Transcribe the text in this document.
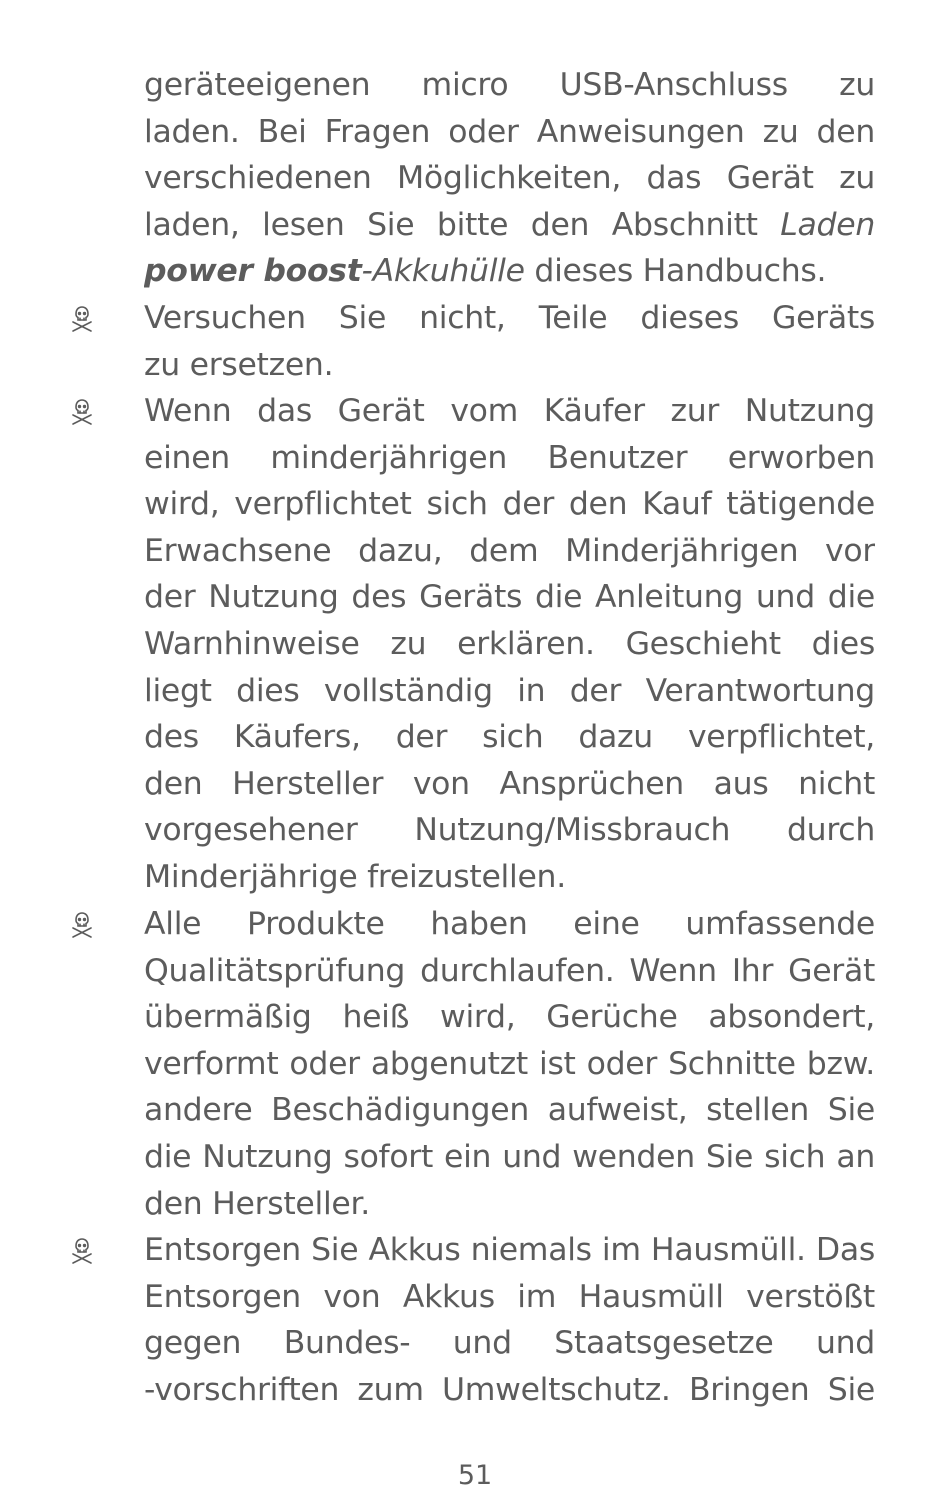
geräteeigenen micro USB-Anschluss zu
laden. Bei Fragen oder Anweisungen zu den
verschiedenen Möglichkeiten, das Gerät zu
laden, lesen Sie bitte den Abschnitt Laden
power boost-Akkuhülle dieses Handbuchs.
Versuchen Sie nicht, Teile dieses Geräts
zu ersetzen.
Wenn das Gerät vom Käufer zur Nutzung
einen minderjährigen Benutzer erworben
wird, verpflichtet sich der den Kauf tätigende
Erwachsene dazu, dem Minderjährigen vor
der Nutzung des Geräts die Anleitung und die
Warnhinweise zu erklären. Geschieht dies
liegt dies vollständig in der Verantwortung
des Käufers, der sich dazu verpflichtet,
den Hersteller von Ansprüchen aus nicht
vorgesehener Nutzung/Missbrauch durch
Minderjährige freizustellen.
Alle Produkte haben eine umfassende
Qualitätsprüfung durchlaufen. Wenn Ihr Gerät
übermäßig heiß wird, Gerüche absondert,
verformt oder abgenutzt ist oder Schnitte bzw.
andere Beschädigungen aufweist, stellen Sie
die Nutzung sofort ein und wenden Sie sich an
den Hersteller.
Entsorgen Sie Akkus niemals im Hausmüll. Das
Entsorgen von Akkus im Hausmüll verstößt
gegen Bundes- und Staatsgesetze und
-vorschriften zum Umweltschutz. Bringen Sie
51
